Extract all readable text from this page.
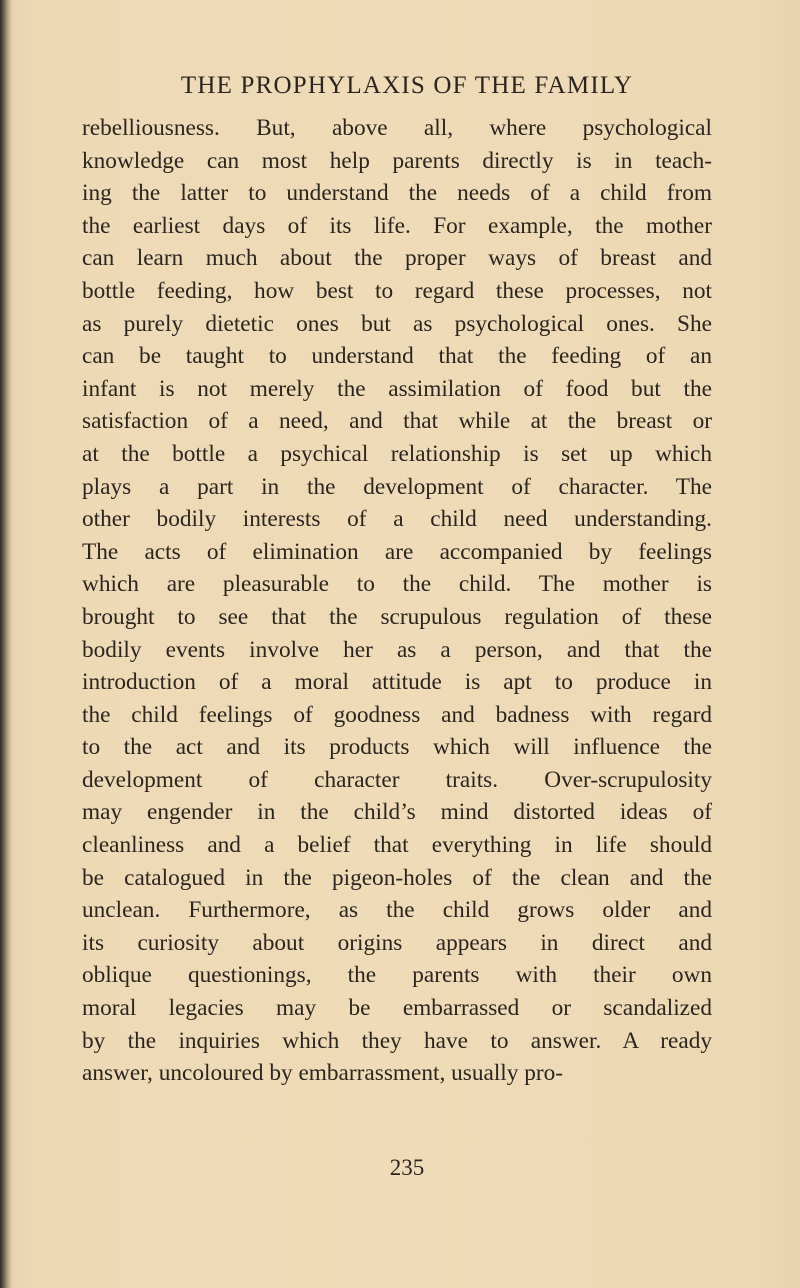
THE PROPHYLAXIS OF THE FAMILY
rebelliousness. But, above all, where psychological
knowledge can most help parents directly is in teach-
ing the latter to understand the needs of a child from
the earliest days of its life. For example, the mother
can learn much about the proper ways of breast and
bottle feeding, how best to regard these processes, not
as purely dietetic ones but as psychological ones. She
can be taught to understand that the feeding of an
infant is not merely the assimilation of food but the
satisfaction of a need, and that while at the breast or
at the bottle a psychical relationship is set up which
plays a part in the development of character. The
other bodily interests of a child need understanding.
The acts of elimination are accompanied by feelings
which are pleasurable to the child. The mother is
brought to see that the scrupulous regulation of these
bodily events involve her as a person, and that the
introduction of a moral attitude is apt to produce in
the child feelings of goodness and badness with regard
to the act and its products which will influence the
development of character traits. Over-scrupulosity
may engender in the child’s mind distorted ideas of
cleanliness and a belief that everything in life should
be catalogued in the pigeon-holes of the clean and the
unclean. Furthermore, as the child grows older and
its curiosity about origins appears in direct and
oblique questionings, the parents with their own
moral legacies may be embarrassed or scandalized
by the inquiries which they have to answer. A ready
answer, uncoloured by embarrassment, usually pro-
235
